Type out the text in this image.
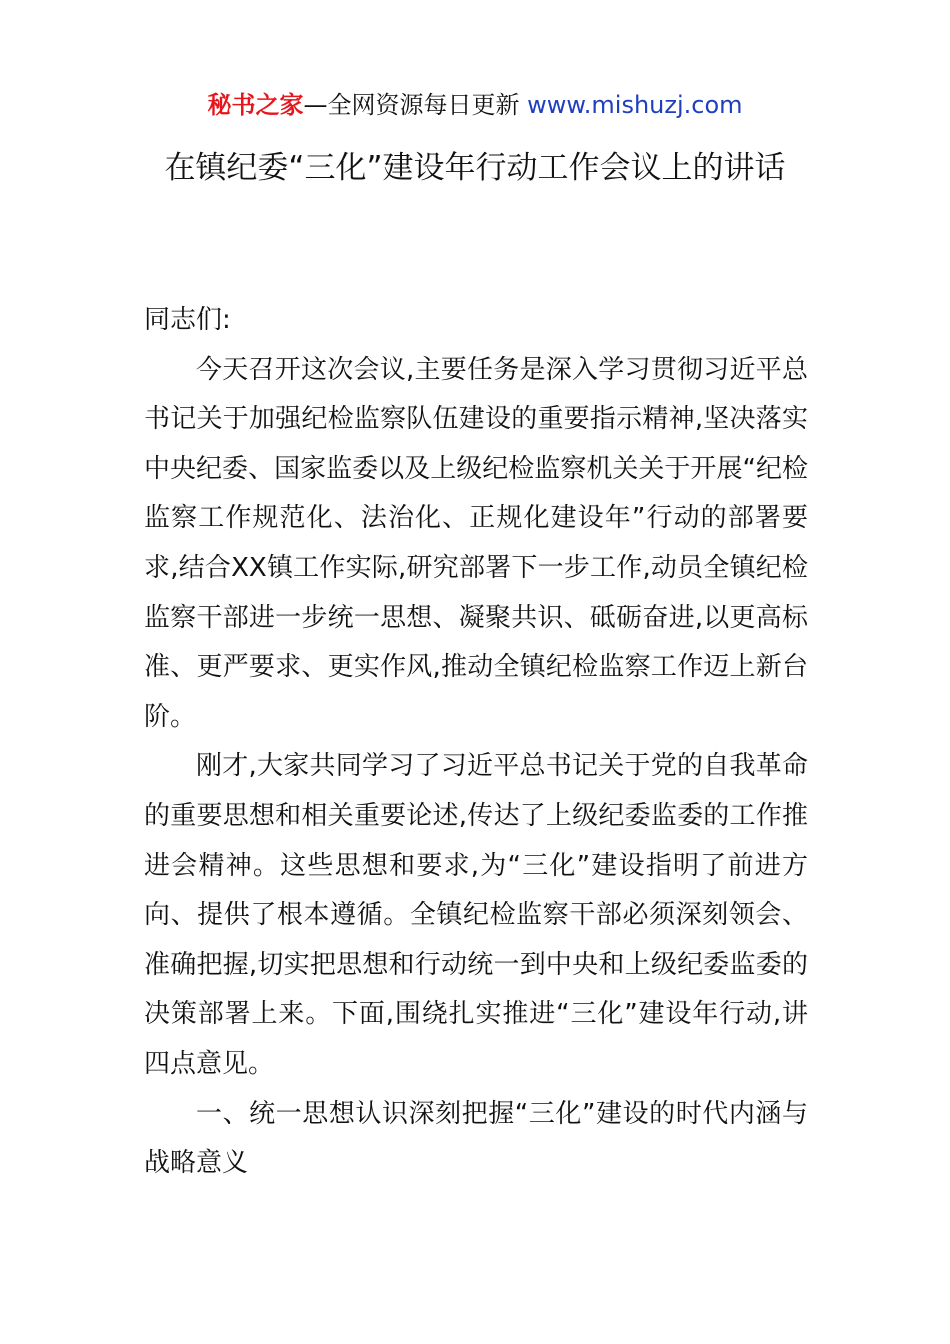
秘书之家—全网资源每日更新 www.mishuzj.com
在镇纪委“三化”建设年行动工作会议上的讲话

同志们:

今天召开这次会议,主要任务是深入学习贯彻习近平总书记关于加强纪检监察队伍建设的重要指示精神,坚决落实中央纪委、国家监委以及上级纪检监察机关关于开展“纪检监察工作规范化、法治化、正规化建设年”行动的部署要求,结合XX镇工作实际,研究部署下一步工作,动员全镇纪检监察干部进一步统一思想、凝聚共识、砥砺奋进,以更高标准、更严要求、更实作风,推动全镇纪检监察工作迈上新台阶。

刚才,大家共同学习了习近平总书记关于党的自我革命的重要思想和相关重要论述,传达了上级纪委监委的工作推进会精神。这些思想和要求,为“三化”建设指明了前进方向、提供了根本遵循。全镇纪检监察干部必须深刻领会、准确把握,切实把思想和行动统一到中央和上级纪委监委的决策部署上来。下面,围绕扎实推进“三化”建设年行动,讲四点意见。

一、统一思想认识深刻把握“三化”建设的时代内涵与战略意义
